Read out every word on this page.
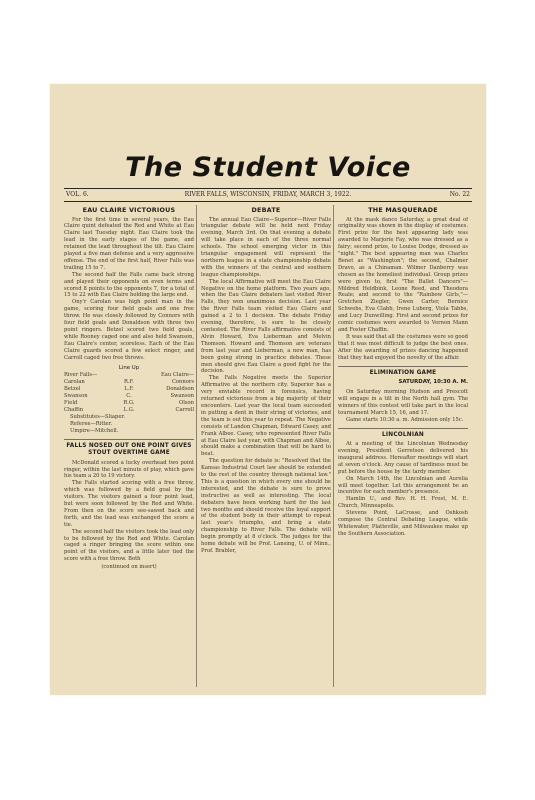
The Student Voice
VOL. 6.	RIVER FALLS, WISCONSIN, FRIDAY, MARCH 3, 1922.	No. 22
EAU CLAIRE VICTORIOUS

For the first time in several years, the Eau Claire quint defeated the Red and White at Eau Claire last Tuesday night. Eau Claire took the lead in the early stages of the game, and retained the lead throughout the tilt. Eau Claire played a five man defense and a very aggressive offense. The end of the first half, River Falls was trailing 15 to 7.

The second half the Falls came back strong and played their opponents on even terms and scored 8 points to the opponents 7, for a total of 15 to 22 with Eau Claire holding the large end.

Ony'r Carolan was high point man in the game, scoring four field goals and one free throw. He was closely followed by Connors with four field goals and Donaldson with three two point ringers. Betzel scored two field goals, while Rooney caged one and also held Swanson, Eau Claire's center, scoreless. Each of the Eau Claire guards scored a few select ringer, and Carroll caged two free throws.

Line Up
River Falls—	Eau Claire—
Carolan	R.F.	Connors
Betzel	L.F.	Donaldson
Swanson	C.	Swanson
Field	R.G.	Olson
Chaffin	L.G.	Carroll
Substitutes—Sliaper.
Referee—Ritter.
Umpire—Mitchell.
FALLS NOSED OUT ONE POINT GIVES STOUT OVERTIME GAME

McDonald scored a lucky overhead two point ringer, within the last minute of play, which gave his team a 20 to 19 victory.

The Falls started scoring with a free throw, which was followed by a field goal by the visitors. The visitors gained a four point lead, but were soon followed by the Red and White. From then on the score see-sawed back and forth, and the lead was exchanged the score a tie.

The second half the visitors took the lead only to be followed by the Red and White. Carolan caged a ringer bringing the score within one point of the visitors, and a little later tied the score with a free throw. Both

(continued on insert)
DEBATE

The annual Eau Claire—Superior—River Falls triangular debate will be held next Friday evening, March 3rd. On that evening a debate will take place in each of the three normal schools. The school emerging victor in this triangular engagement will represent the northern league in a state championship debate with the winners of the central and southern league championships.

The local Affirmative will meet the Eau Claire Negative on the home platform. Two years ago, when the Eau Claire debaters last visited River Falls, they won unanimous decision. Last year the River Falls team visited Eau Claire and gained a 2 to 1 decision. The debate Friday evening, therefore, is sure to be closely contested. The River Falls affirmative consists of Alvin Howard, Eva Lieberman and Melvin Thomson. Howard and Thomson are veterans from last year and Lieberman, a new man, has been going strong in practice debates. These men should give Eau Claire a good fight for the decision.

The Falls Negative meets the Superior Affirmative at the northern city. Superior has a very enviable record in forensics, having returned victorious from a big majority of their encounters. Last year the local team succeeded in putting a dent in their string of victories, and the team is out this year to repeat. The Negative consists of Landon Chapman, Edward Casey, and Frank Albee. Casey, who represented River Falls at Eau Claire last year, with Chapman and Albee, should make a combination that will be hard to beat.

The question for debate is: "Resolved that the Kansas Industrial Court law should be extended to the rest of the country through national law." This is a question in which every one should be interested, and the debate is sure to prove instructive as well as interesting. The local debaters have been working hard for the last two months and should receive the loyal support of the student body in their attempt to repeat last year's triumphs, and bring a state championship to River Falls. The debate will begin promptly at 8 o'clock. The judges for the home debate will be Prof. Lansing, U. of Minn., Prof. Brabler,

THE MASQUERADE

At the mask dance Saturday, a great deal of originality was shown in the display of costumes. First prize for the best appearing lady was awarded to Marjorie Fay, who was dressed as a fairy; second prize, to Louise Dodge, dressed as "night." The best appearing man was Charles Benet as "Washington"; the second, Chalmer Dravo, as a Chinaman. Wilmer Danberry was chosen as the homeliest individual. Group prizes were given to, first "The Ballet Dancers"—Mildred Heldbink, Leone Reed, and Theodora Reale; and second to the "Rainbow Girls,"—Gretchen Ziegler, Gwen Carter, Bernice Schwebs, Eva Clabb, Irene Luberg, Viola Tabbs, and Lucy Dunwilling. First and second prizes for comic costumes were awarded to Vernon Mann and Foster Chaffin.

It was said that all the costumes were so good that it was most difficult to judge the best ones. After the awarding of prizes dancing happened that they had enjoyed the novelty of the affair.

ELIMINATION GAME
SATURDAY, 10:30 A. M.

On Saturday morning Hudson and Prescott will engage in a tilt in the North hall gym. The winners of this contest will take part in the local tournament March 15, 16, and 17.

Game starts 10:30 a. m. Admission only 15c.

LINCOLNIAN

At a meeting of the Lincolnian Wednesday evening, President Gerretson delivered his inaugural address. Hereafter meetings will start at seven o'clock. Any cause of tardiness must be put before the house by the tardy member.

On March 14th, the Lincolnian and Aurelia will meet together. Let this arrangement be an incentive for each member's presence.

Hamlin U., and Rev. H. H. Frost, M. E. Church, Minneapolis.

Stevens Point, LaCrosse, and Oshkosh compose the Central Debating League, while Whitewater, Platteville, and Milwaukee make up the Southern Association.
